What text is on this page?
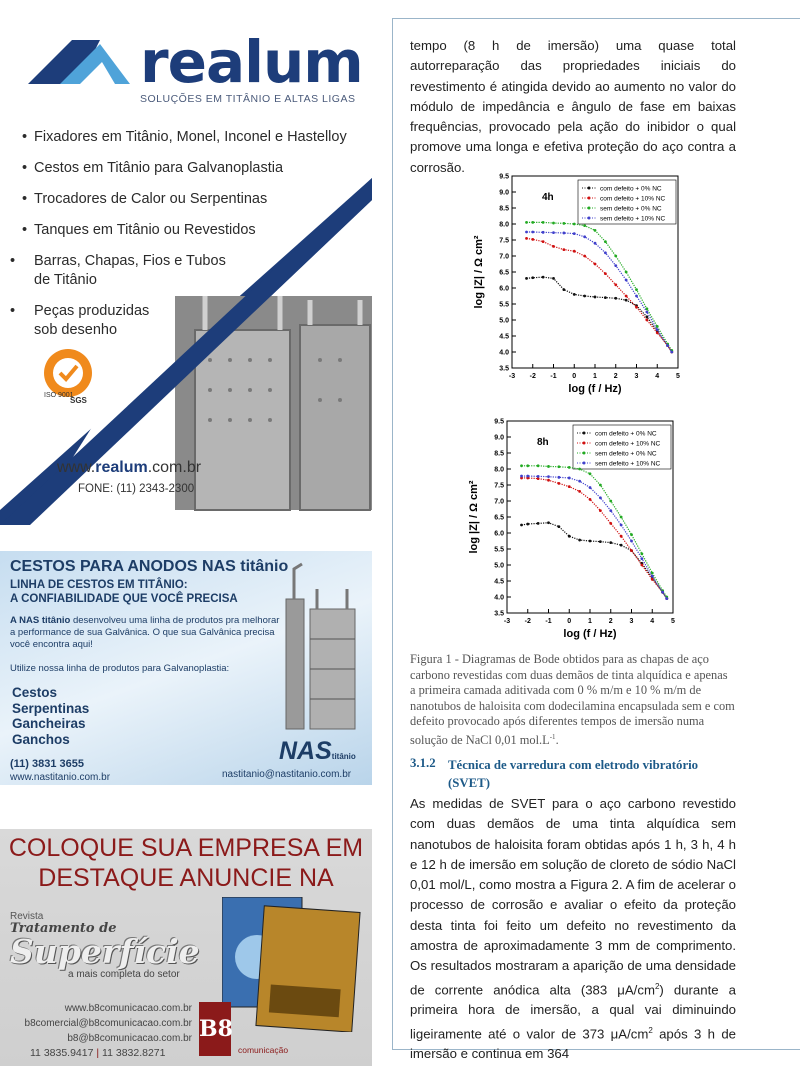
realum
SOLUÇÕES EM TITÂNIO E ALTAS LIGAS
• Fixadores em Titânio, Monel, Inconel e Hastelloy
• Cestos em Titânio para Galvanoplastia
• Trocadores de Calor ou Serpentinas
• Tanques em Titânio ou Revestidos
• Barras, Chapas, Fios e Tubos de Titânio
• Peças produzidas sob desenho
ISO 9001
SGS
www.realum.com.br
FONE: (11) 2343-2300
CESTOS PARA ANODOS NAS titânio
LINHA DE CESTOS EM TITÂNIO:
A CONFIABILIDADE QUE VOCÊ PRECISA
A NAS titânio desenvolveu uma linha de produtos pra melhorar a performance de sua Galvânica. O que sua Galvânica precisa você encontra aqui!
Utilize nossa linha de produtos para Galvanoplastia:
Cestos
Serpentinas
Gancheiras
Ganchos	NAStitânio
(11) 3831 3655
www.nastitanio.com.br	nastitanio@nastitanio.com.br
COLOQUE SUA EMPRESA EM
DESTAQUE ANUNCIE NA
Revista
Tratamento de
Superfície
a mais completa do setor
www.b8comunicacao.com.br
b8comercial@b8comunicacao.com.br
b8@b8comunicacao.com.br
11 3835.9417 | 11 3832.8271
B8
comunicação
tempo (8 h de imersão) uma quase total autorreparação das propriedades iniciais do revestimento é atingida devido ao aumento no valor do módulo de impedância e ângulo de fase em baixas frequências, provocado pela ação do inibidor o qual promove uma longa e efetiva proteção do aço contra a corrosão.
-3 -2 -1 0 1 2 3 4 5
3.5
4.0
4.5
5.0
5.5
6.0
6.5
7.0
7.5
8.0
8.5
9.0
9.5
log (f / Hz)
log |Z| / Ω cm²
4h
com defeito + 0% NC
com defeito + 10% NC
sem defeito + 0% NC
sem defeito + 10% NC
-3 -2 -1 0 1 2 3 4 5
3.5
4.0
4.5
5.0
5.5
6.0
6.5
7.0
7.5
8.0
8.5
9.0
9.5
log (f / Hz)
log |Z| / Ω cm²
8h
com defeito + 0% NC
com defeito + 10% NC
sem defeito + 0% NC
sem defeito + 10% NC
Figura 1 - Diagramas de Bode obtidos para as chapas de aço carbono revestidas com duas demãos de tinta alquídica e apenas a primeira camada aditivada com 0 % m/m e 10 % m/m de nanotubos de haloisita com dodecilamina encapsulada sem e com defeito provocado após diferentes tempos de imersão numa solução de NaCl 0,01 $mol.L^{-1}$.
3.1.2 Técnica de varredura com eletrodo vibratório (SVET)
As medidas de SVET para o aço carbono revestido com duas demãos de uma tinta alquídica sem nanotubos de haloisita foram obtidas após 1 h, 3 h, 4 h e 12 h de imersão em solução de cloreto de sódio NaCl 0,01 mol/L, como mostra a Figura 2. A fim de acelerar o processo de corrosão e avaliar o efeito da proteção desta tinta foi feito um defeito no revestimento da amostra de aproximadamente 3 mm de comprimento. Os resultados mostraram a aparição de uma densidade de corrente anódica alta (383 $\mu A/cm^2$) durante a primeira hora de imersão, a qual vai diminuindo ligeiramente até o valor de 373 $\mu A/cm^2$ após 3 h de imersão e continua em 364
